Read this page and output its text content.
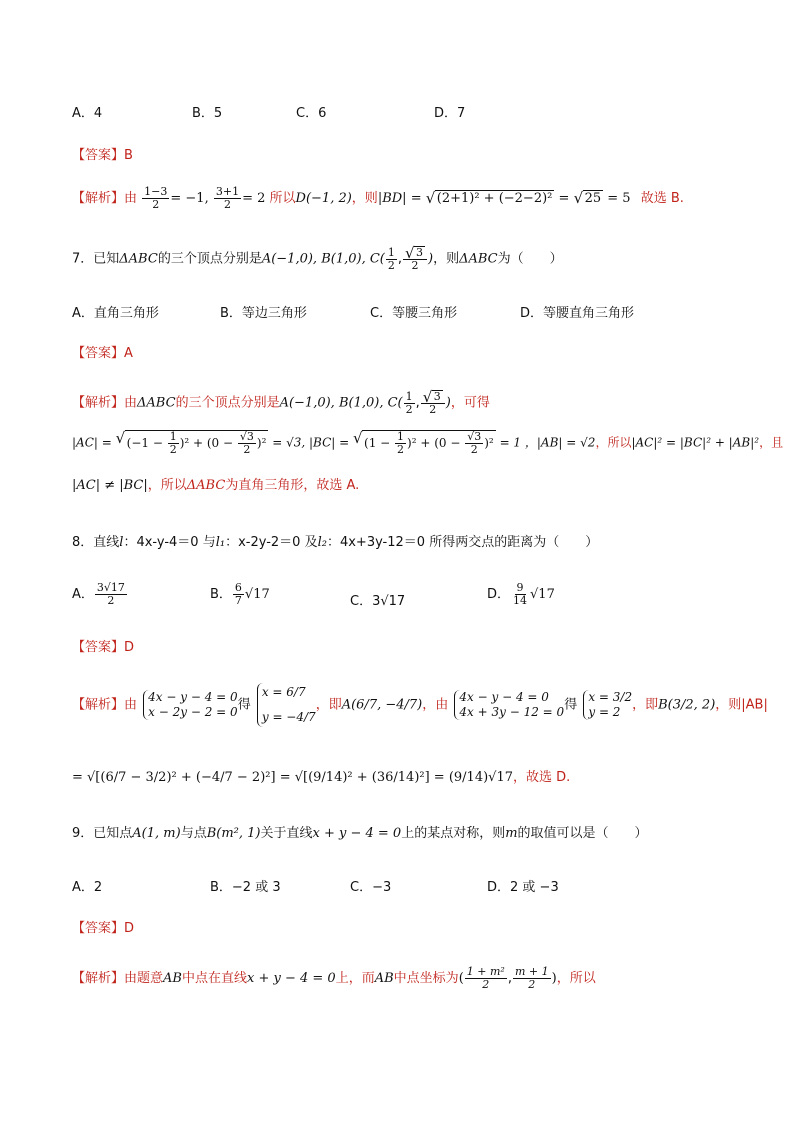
A．4	B．5	C．6	D．7
【答案】B
【解析】由 $\frac{1-3}{2} = -1$, $\frac{3+1}{2} = 2$ 所以D(−1, 2)，则|BD| = √ (2+1)² + (−2−2)² = √ 25 = 5 故选 B.
7．已知ΔABC的三个顶点分别是A(−1,0), B(1,0), $C( \frac{1}{2}$ , √ $\frac{3}{2}$ )，则ΔABC为（　　）
A．直角三角形	B．等边三角形	C．等腰三角形	D．等腰直角三角形
【答案】A
【解析】由ΔABC的三个顶点分别是A(−1,0), B(1,0), $C( \frac{1}{2}$ , √ $\frac{3}{2}$ )，可得
|AC| = √ $(-1 - \frac{1}{2} )^2 + (0 - \frac{√3}{2} )^2 = √3$, |BC| = √ $(1 - \frac{1}{2} )^2 + (0 - \frac{√3}{2} )^2 = 1$ ，|AB| = √2，所以|AC|² = |BC|² + |AB|²，且
|AC| ≠ |BC|，所以ΔABC为直角三角形，故选 A.
8．直线l：4x-y-4＝0 与l₁：x-2y-2＝0 及l₂：4x+3y-12＝0 所得两交点的距离为（　　）
A． $\frac{3√17}{2}$	B． $\frac{6}{7} √17$	C．3√17	D． $\frac{9}{14} √17$
【答案】D
【解析】由
4x − y − 4 = 0
x − 2y − 2 = 0 得
x = 6/7
y = −4/7
，即A(6/7, −4/7)，由
4x − y − 4 = 0
4x + 3y − 12 = 0 得
x = 3/2
y = 2 ，即B(3/2, 2)，则|AB|
= √[(6/7 − 3/2)² + (−4/7 − 2)²] = √[(9/14)² + (36/14)²] = (9/14)√17，故选 D.
9．已知点A(1, m)与点B(m², 1)关于直线x + y − 4 = 0上的某点对称，则m的取值可以是（　　）
A．2	B．−2 或 3	C．−3	D．2 或 −3
【答案】D
【解析】由题意AB中点在直线x + y − 4 = 0上，而AB中点坐标为( $\frac{\text{1 + m²}}{2}$ , $\frac{m + 1}{2}$ )，所以
